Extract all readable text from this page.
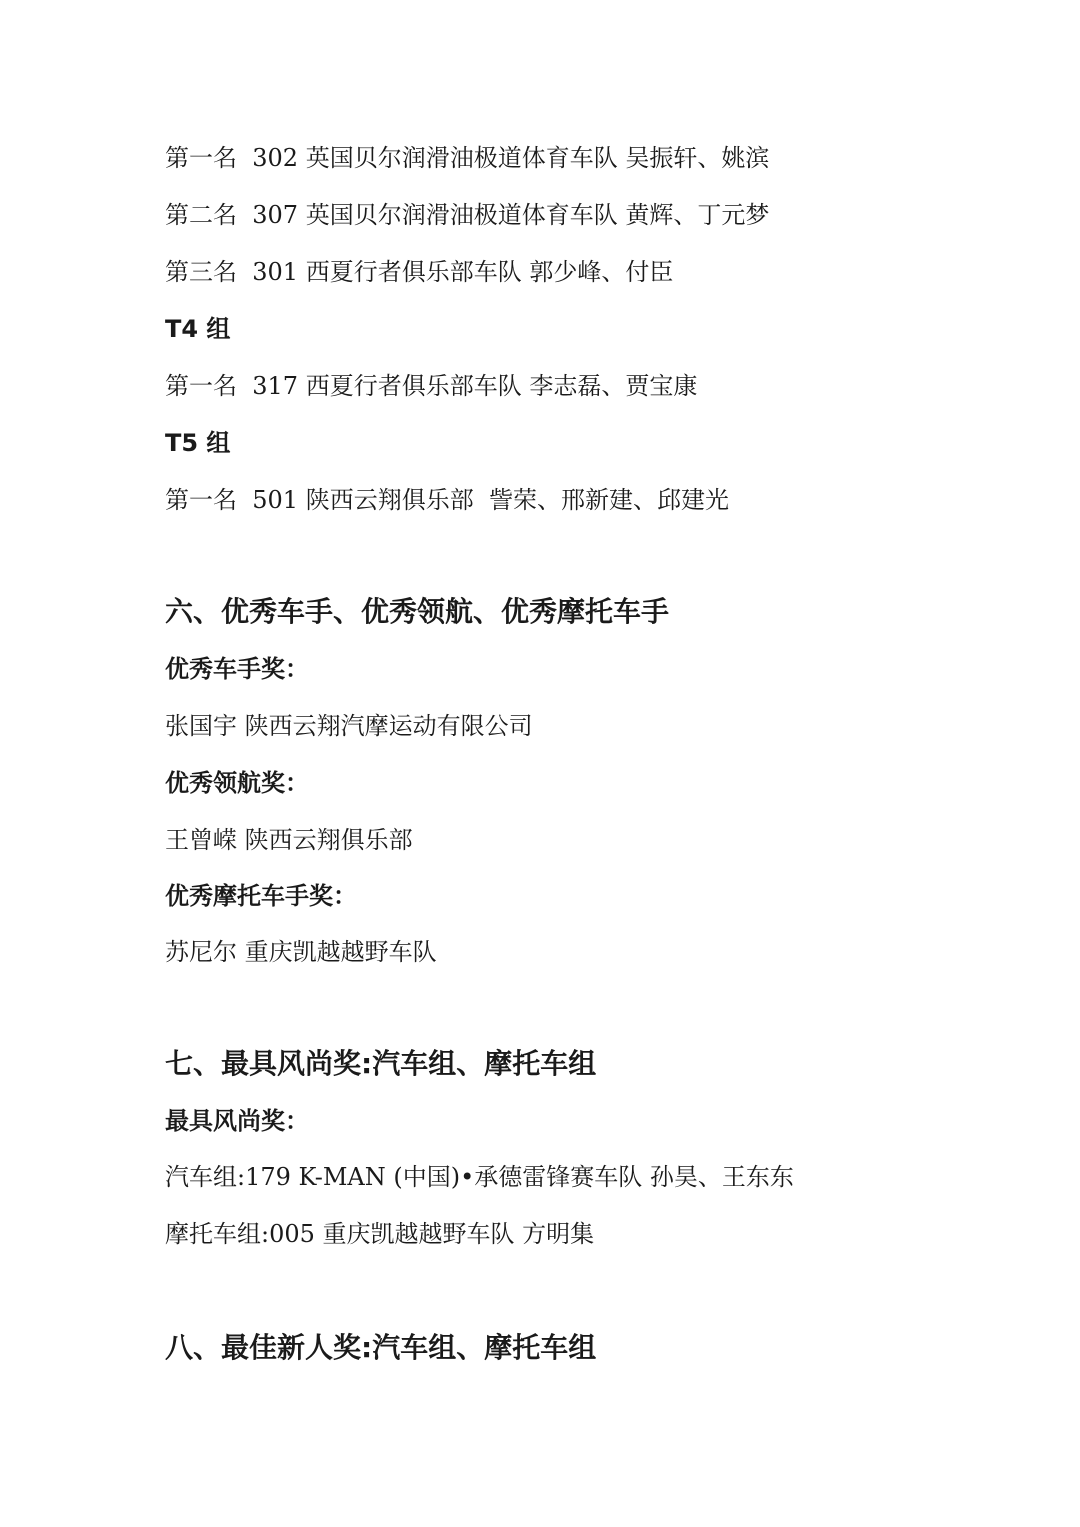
第一名  302 英国贝尔润滑油极道体育车队 吴振轩、姚滨
第二名  307 英国贝尔润滑油极道体育车队 黄辉、丁元梦
第三名  301 西夏行者俱乐部车队 郭少峰、付臣
T4 组
第一名  317 西夏行者俱乐部车队 李志磊、贾宝康
T5 组
第一名  501 陕西云翔俱乐部  訾荣、邢新建、邱建光
六、优秀车手、优秀领航、优秀摩托车手
优秀车手奖：
张国宇 陕西云翔汽摩运动有限公司
优秀领航奖：
王曾嵘 陕西云翔俱乐部
优秀摩托车手奖：
苏尼尔 重庆凯越越野车队
七、最具风尚奖:汽车组、摩托车组
最具风尚奖：
汽车组:179 K-MAN (中国)•承德雷锋赛车队 孙昊、王东东
摩托车组:005 重庆凯越越野车队 方明集
八、最佳新人奖:汽车组、摩托车组
